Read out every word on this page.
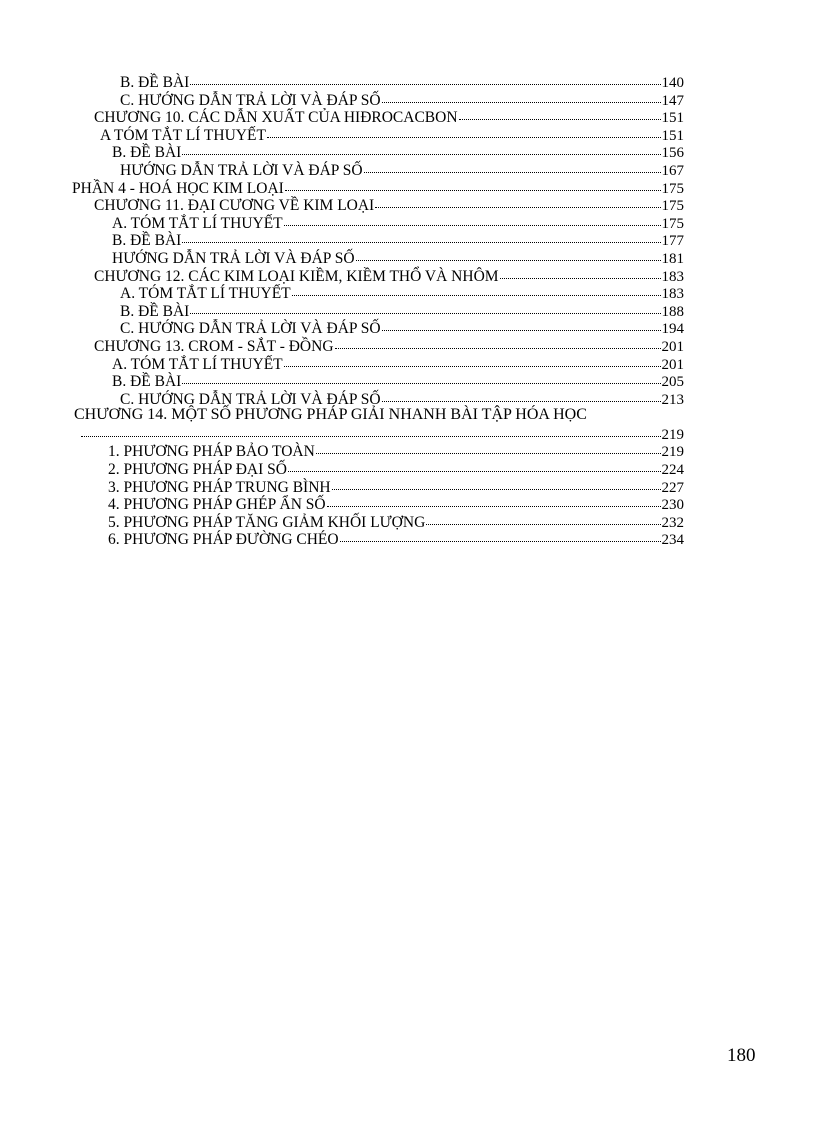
B. ĐỀ BÀI	140
C. HƯỚNG DẪN TRẢ LỜI VÀ ĐÁP SỐ	147
CHƯƠNG 10. CÁC DẪN XUẤT CỦA HIĐROCACBON	151
A TÓM TẮT LÍ THUYẾT	151
B. ĐỀ BÀI	156
HƯỚNG DẪN TRẢ LỜI VÀ ĐÁP SỐ	167
PHẦN 4 - HOÁ HỌC KIM LOẠI	175
CHƯƠNG 11. ĐẠI CƯƠNG VỀ KIM LOẠI	175
A. TÓM TẮT LÍ THUYẾT	175
B. ĐỀ BÀI	177
HƯỚNG DẪN TRẢ LỜI VÀ ĐÁP SỐ	181
CHƯƠNG 12. CÁC KIM LOẠI KIỀM, KIỀM THỔ VÀ NHÔM	183
A. TÓM TẮT LÍ THUYẾT	183
B. ĐỀ BÀI	188
C. HƯỚNG DẪN TRẢ LỜI VÀ ĐÁP SỐ	194
CHƯƠNG 13. CROM - SẮT - ĐỒNG	201
A. TÓM TẮT LÍ THUYẾT	201
B. ĐỀ BÀI	205
C. HƯỚNG DẪN TRẢ LỜI VÀ ĐÁP SỐ	213
CHƯƠNG 14. MỘT SỐ PHƯƠNG PHÁP GIẢI NHANH BÀI TẬP HÓA HỌC
219
1. PHƯƠNG PHÁP BẢO TOÀN	219
2. PHƯƠNG PHÁP ĐẠI SỐ	224
3. PHƯƠNG PHÁP TRUNG BÌNH	227
4. PHƯƠNG PHÁP GHÉP ẨN SỐ	230
5. PHƯƠNG PHÁP TĂNG GIẢM KHỐI LƯỢNG	232
6. PHƯƠNG PHÁP ĐƯỜNG CHÉO	234
180
